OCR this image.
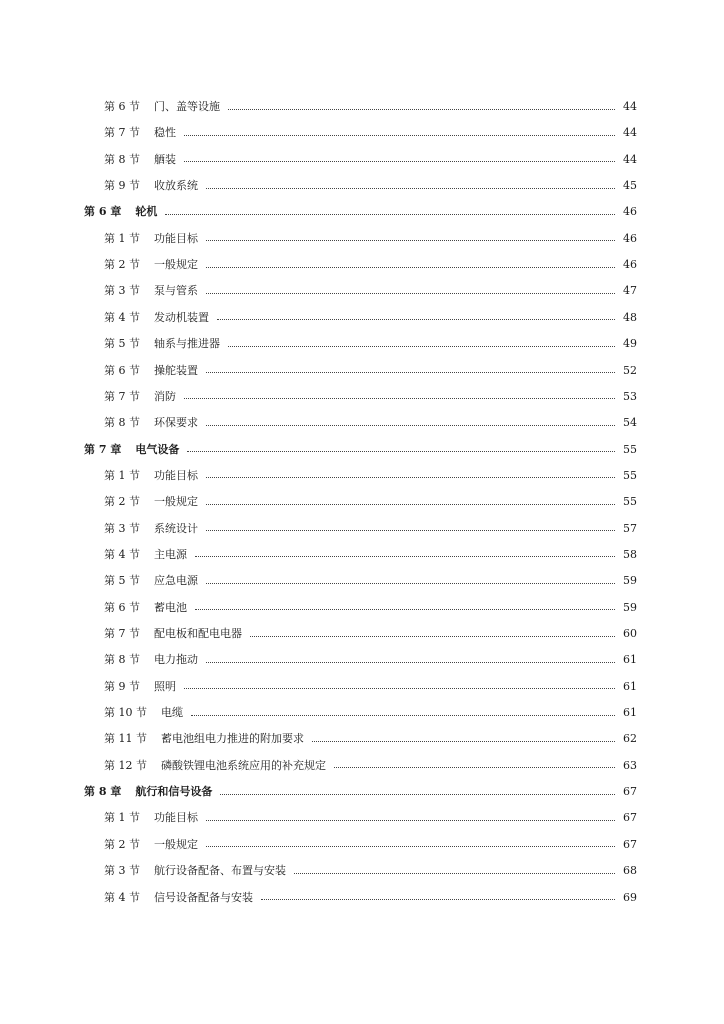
第 6 节 门、盖等设施	44
第 7 节 稳性	44
第 8 节 舾装	44
第 9 节 收放系统	45
第 6 章 轮机	46
第 1 节 功能目标	46
第 2 节 一般规定	46
第 3 节 泵与管系	47
第 4 节 发动机装置	48
第 5 节 轴系与推进器	49
第 6 节 操舵装置	52
第 7 节 消防	53
第 8 节 环保要求	54
第 7 章 电气设备	55
第 1 节 功能目标	55
第 2 节 一般规定	55
第 3 节 系统设计	57
第 4 节 主电源	58
第 5 节 应急电源	59
第 6 节 蓄电池	59
第 7 节 配电板和配电电器	60
第 8 节 电力拖动	61
第 9 节 照明	61
第 10 节 电缆	61
第 11 节 蓄电池组电力推进的附加要求	62
第 12 节 磷酸铁锂电池系统应用的补充规定	63
第 8 章 航行和信号设备	67
第 1 节 功能目标	67
第 2 节 一般规定	67
第 3 节 航行设备配备、布置与安装	68
第 4 节 信号设备配备与安装	69
